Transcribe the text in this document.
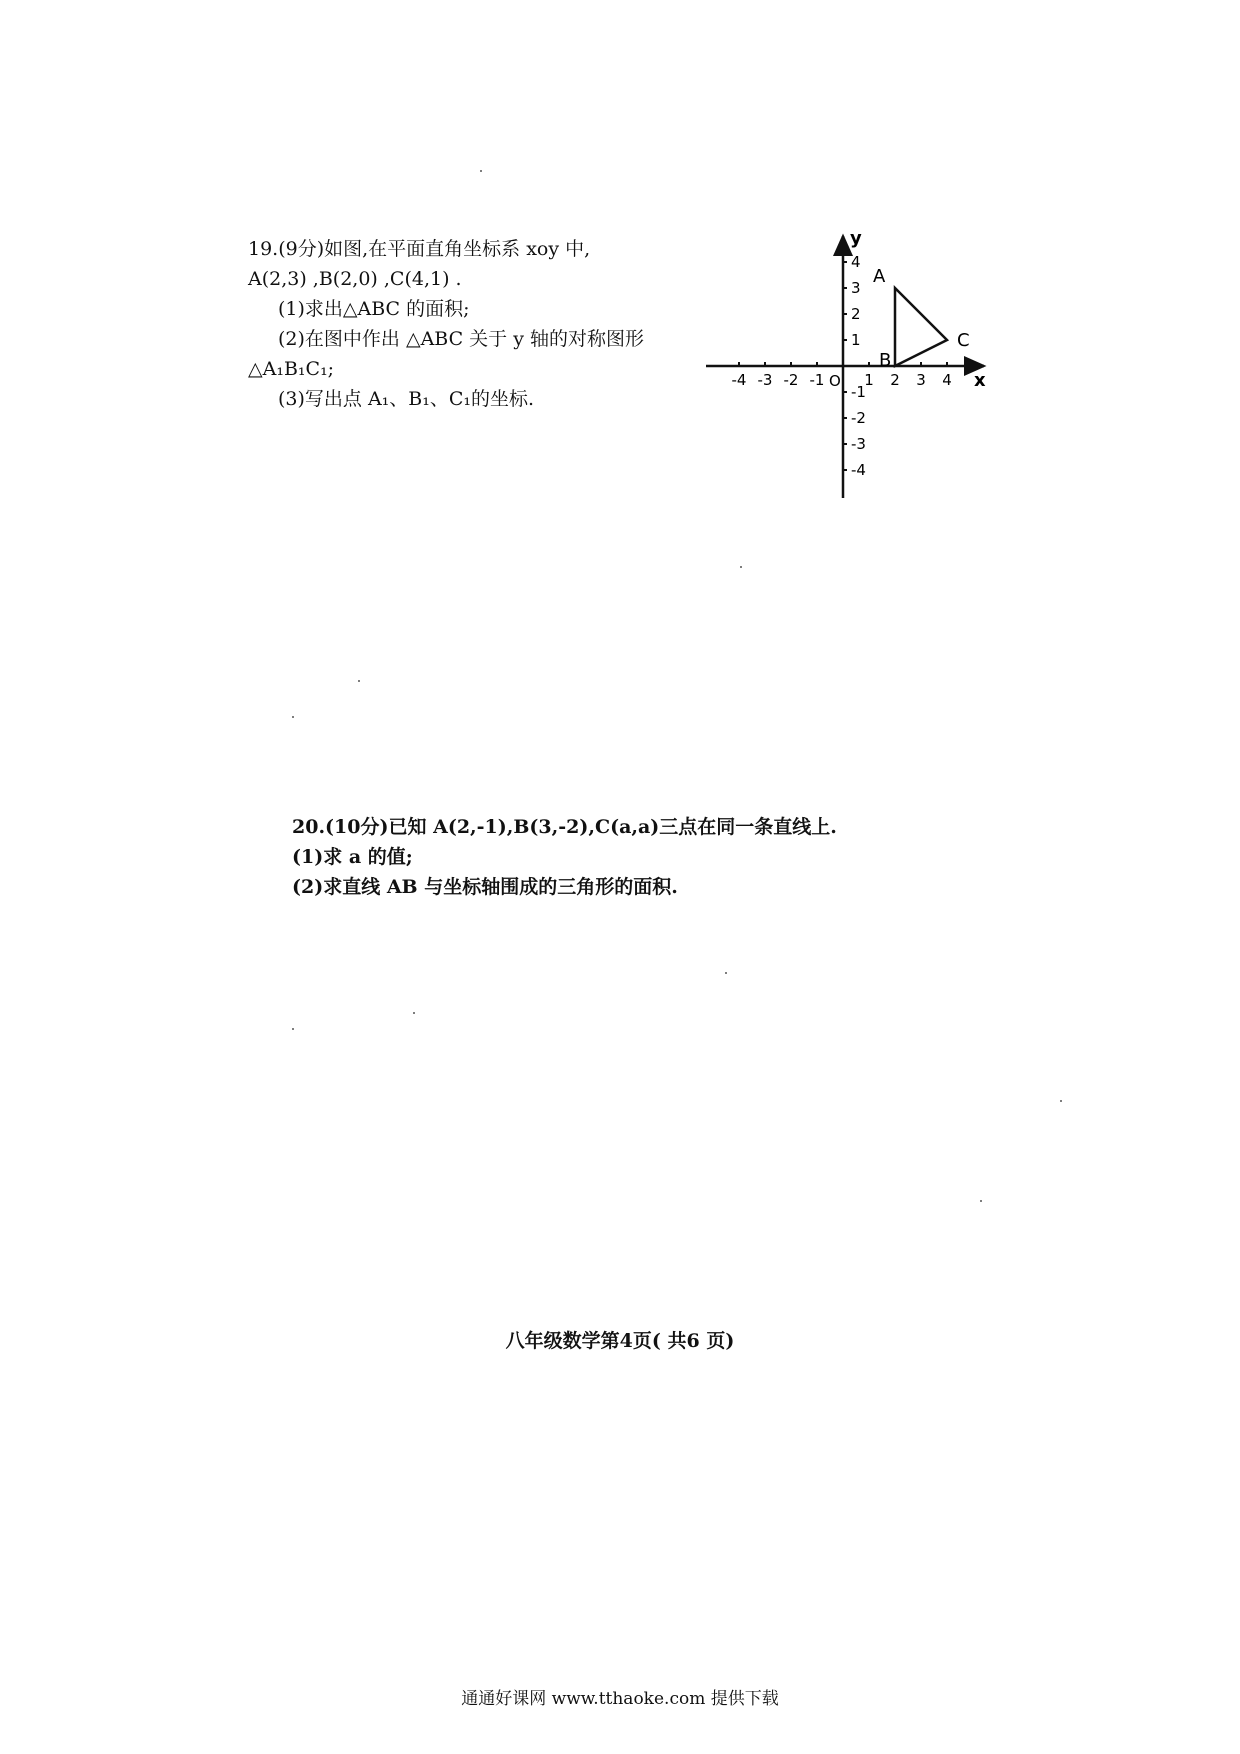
19.(9分)如图,在平面直角坐标系 xoy 中,
A(2,3) ,B(2,0) ,C(4,1) .
(1)求出△ABC 的面积;
(2)在图中作出 △ABC 关于 y 轴的对称图形
△A₁B₁C₁;
(3)写出点 A₁、B₁、C₁的坐标.
-4 -3 -2 -1	1 2 3 4
4
3
2
1
-1
-2
-3
-4
x
y
O
A
B
C
20.(10分)已知 A(2,-1),B(3,-2),C(a,a)三点在同一条直线上.
(1)求 a 的值;
(2)求直线 AB 与坐标轴围成的三角形的面积.
八年级数学第4页( 共6 页)
通通好课网 www.tthaoke.com 提供下载
